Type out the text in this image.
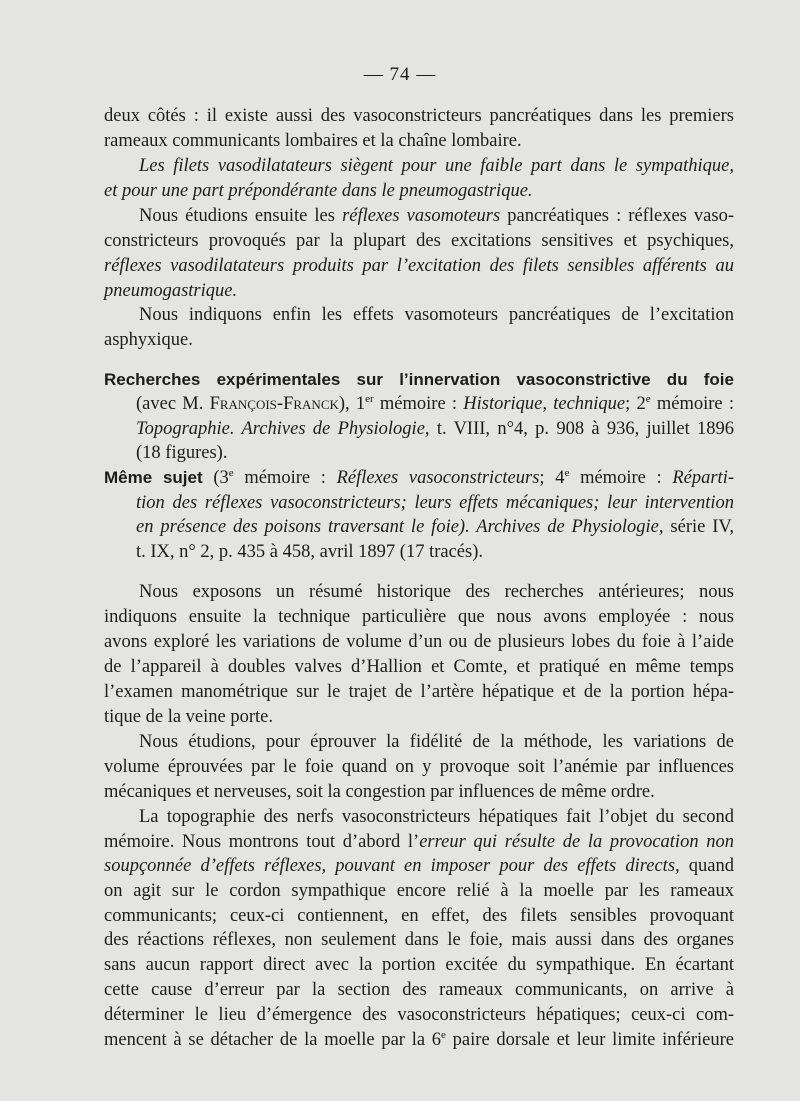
— 74 —
deux côtés : il existe aussi des vasoconstricteurs pancréatiques dans les premiers
rameaux communicants lombaires et la chaîne lombaire.
Les filets vasodilatateurs siègent pour une faible part dans le sympathique,
et pour une part prépondérante dans le pneumogastrique.
Nous étudions ensuite les réflexes vasomoteurs pancréatiques : réflexes vaso-
constricteurs provoqués par la plupart des excitations sensitives et psychiques,
réflexes vasodilatateurs produits par l’excitation des filets sensibles afférents au
pneumogastrique.
Nous indiquons enfin les effets vasomoteurs pancréatiques de l’excitation
asphyxique.
Recherches expérimentales sur l’innervation vasoconstrictive du foie
(avec M. François-Franck), 1er mémoire : Historique, technique; 2e mémoire :
Topographie. Archives de Physiologie, t. VIII, n°4, p. 908 à 936, juillet 1896
(18 figures).
Même sujet (3e mémoire : Réflexes vasoconstricteurs; 4e mémoire : Réparti-
tion des réflexes vasoconstricteurs; leurs effets mécaniques; leur intervention
en présence des poisons traversant le foie). Archives de Physiologie, série IV,
t. IX, n° 2, p. 435 à 458, avril 1897 (17 tracés).
Nous exposons un résumé historique des recherches antérieures; nous
indiquons ensuite la technique particulière que nous avons employée : nous
avons exploré les variations de volume d’un ou de plusieurs lobes du foie à l’aide
de l’appareil à doubles valves d’Hallion et Comte, et pratiqué en même temps
l’examen manométrique sur le trajet de l’artère hépatique et de la portion hépa-
tique de la veine porte.
Nous étudions, pour éprouver la fidélité de la méthode, les variations de
volume éprouvées par le foie quand on y provoque soit l’anémie par influences
mécaniques et nerveuses, soit la congestion par influences de même ordre.
La topographie des nerfs vasoconstricteurs hépatiques fait l’objet du second
mémoire. Nous montrons tout d’abord l’erreur qui résulte de la provocation non
soupçonnée d’effets réflexes, pouvant en imposer pour des effets directs, quand
on agit sur le cordon sympathique encore relié à la moelle par les rameaux
communicants; ceux-ci contiennent, en effet, des filets sensibles provoquant
des réactions réflexes, non seulement dans le foie, mais aussi dans des organes
sans aucun rapport direct avec la portion excitée du sympathique. En écartant
cette cause d’erreur par la section des rameaux communicants, on arrive à
déterminer le lieu d’émergence des vasoconstricteurs hépatiques; ceux-ci com-
mencent à se détacher de la moelle par la 6e paire dorsale et leur limite inférieure
